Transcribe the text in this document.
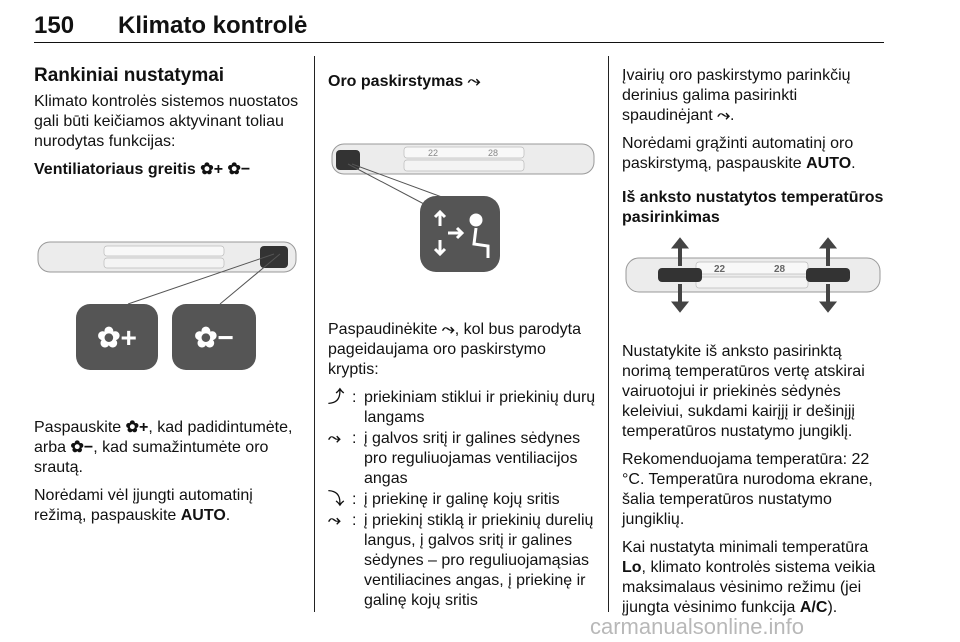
150 Klimato kontrolė
Rankiniai nustatymai

Klimato kontrolės sistemos nuostatos gali būti keičiamos aktyvinant toliau nurodytas funkcijas:

Ventiliatoriaus greitis ✿+ ✿−
✿+ ✿−

Paspauskite ✿+, kad padidintumėte, arba ✿−, kad sumažintumėte oro srautą.

Norėdami vėl įjungti automatinį režimą, paspauskite AUTO.

Oro paskirstymas ⤳
22	28

Paspaudinėkite ⤳, kol bus parodyta pageidaujama oro paskirstymo kryptis:

⤴ : priekiniam stiklui ir priekinių durų langams
⤳ : į galvos sritį ir galines sėdynes pro reguliuojamas ventiliacijos angas
⤵ : į priekinę ir galinę kojų sritis
⤳ : į priekinį stiklą ir priekinių durelių langus, į galvos sritį ir galines sėdynes – pro reguliuojamąsias ventiliacines angas, į priekinę ir galinę kojų sritis

Įvairių oro paskirstymo parinkčių derinius galima pasirinkti spaudinėjant ⤳.

Norėdami grąžinti automatinį oro paskirstymą, paspauskite AUTO.

Iš anksto nustatytos temperatūros pasirinkimas
22	28

Nustatykite iš anksto pasirinktą norimą temperatūros vertę atskirai vairuotojui ir priekinės sėdynės keleiviui, sukdami kairįjį ir dešinįjį temperatūros nustatymo jungiklį.

Rekomenduojama temperatūra: 22 °C. Temperatūra nurodoma ekrane, šalia temperatūros nustatymo jungiklių.

Kai nustatyta minimali temperatūra Lo, klimato kontrolės sistema veikia maksimalaus vėsinimo režimu (jei įjungta vėsinimo funkcija A/C).

carmanualsonline.info
